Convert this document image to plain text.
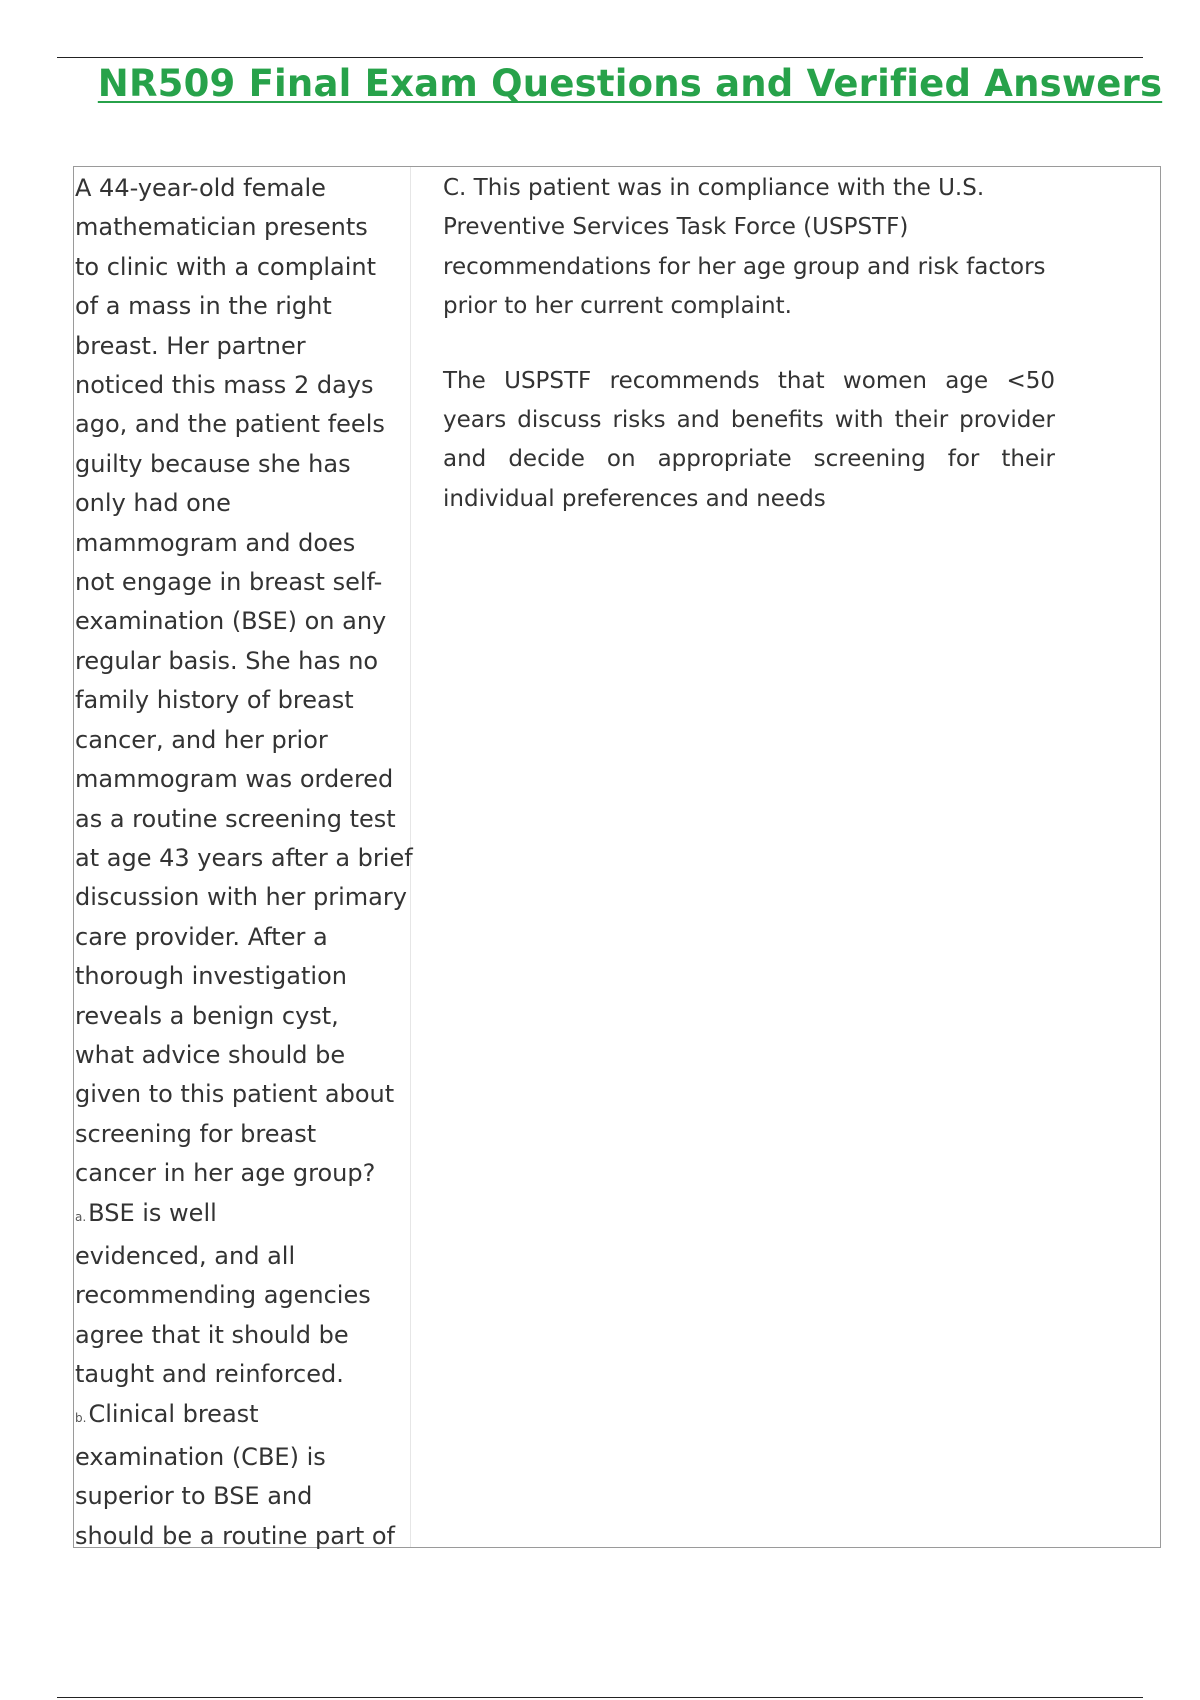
NR509 Final Exam Questions and Verified Answers
A 44-year-old female
mathematician presents
to clinic with a complaint
of a mass in the right
breast. Her partner
noticed this mass 2 days
ago, and the patient feels
guilty because she has
only had one
mammogram and does
not engage in breast self-
examination (BSE) on any
regular basis. She has no
family history of breast
cancer, and her prior
mammogram was ordered
as a routine screening test
at age 43 years after a brief
discussion with her primary
care provider. After a
thorough investigation
reveals a benign cyst,
what advice should be
given to this patient about
screening for breast
cancer in her age group?
a.BSE is well
evidenced, and all
recommending agencies
agree that it should be
taught and reinforced.
b.Clinical breast
examination (CBE) is
superior to BSE and
should be a routine part of

C. This patient was in compliance with the U.S. Preventive Services Task Force (USPSTF) recommendations for her age group and risk factors prior to her current complaint.

The USPSTF recommends that women age <50 years discuss risks and benefits with their provider and decide on appropriate screening for their individual preferences and needs
